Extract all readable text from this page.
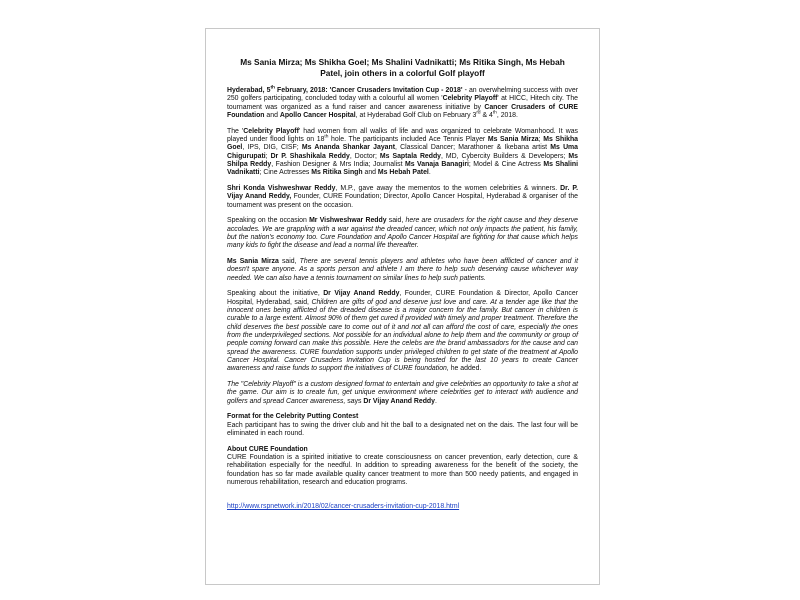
Ms Sania Mirza; Ms Shikha Goel; Ms Shalini Vadnikatti; Ms Ritika Singh, Ms Hebah Patel, join others in a colorful Golf playoff

Hyderabad, 5th February, 2018: 'Cancer Crusaders Invitation Cup - 2018' - an overwhelming success with over 250 golfers participating, concluded today with a colourful all women 'Celebrity Playoff' at HICC, Hitech city. The tournament was organized as a fund raiser and cancer awareness initiative by Cancer Crusaders of CURE Foundation and Apollo Cancer Hospital, at Hyderabad Golf Club on February 3rd & 4th, 2018.

The 'Celebrity Playoff' had women from all walks of life and was organized to celebrate Womanhood. It was played under flood lights on 18th hole. The participants included Ace Tennis Player Ms Sania Mirza; Ms Shikha Goel, IPS, DIG, CISF; Ms Ananda Shankar Jayant, Classical Dancer; Marathoner & Ikebana artist Ms Uma Chigurupati; Dr P. Shashikala Reddy, Doctor; Ms Saptala Reddy, MD, Cybercity Builders & Developers; Ms Shilpa Reddy, Fashion Designer & Mrs India; Journalist Ms Vanaja Banagiri; Model & Cine Actress Ms Shalini Vadnikatti; Cine Actresses Ms Ritika Singh and Ms Hebah Patel.

Shri Konda Vishweshwar Reddy, M.P., gave away the mementos to the women celebrities & winners. Dr. P. Vijay Anand Reddy, Founder, CURE Foundation; Director, Apollo Cancer Hospital, Hyderabad & organiser of the tournament was present on the occasion.

Speaking on the occasion Mr Vishweshwar Reddy said, here are crusaders for the right cause and they deserve accolades. We are grappling with a war against the dreaded cancer, which not only impacts the patient, his family, but the nation's economy too. Cure Foundation and Apollo Cancer Hospital are fighting for that cause which helps many kids to fight the disease and lead a normal life thereafter.

Ms Sania Mirza said, There are several tennis players and athletes who have been afflicted of cancer and it doesn't spare anyone. As a sports person and athlete I am there to help such deserving cause whichever way needed. We can also have a tennis tournament on similar lines to help such patients.

Speaking about the initiative, Dr Vijay Anand Reddy, Founder, CURE Foundation & Director, Apollo Cancer Hospital, Hyderabad, said, Children are gifts of god and deserve just love and care. At a tender age like that the innocent ones being afflicted of the dreaded disease is a major concern for the family. But cancer in children is curable to a large extent. Almost 90% of them get cured if provided with timely and proper treatment. Therefore the child deserves the best possible care to come out of it and not all can afford the cost of care, especially the ones from the underprivileged sections. Not possible for an individual alone to help them and the community or group of people coming forward can make this possible. Here the celebs are the brand ambassadors for the cause and can spread the awareness. CURE foundation supports under privileged children to get state of the treatment at Apollo Cancer Hospital. Cancer Crusaders Invitation Cup is being hosted for the last 10 years to create Cancer awareness and raise funds to support the initiatives of CURE foundation, he added.

The "Celebrity Playoff" is a custom designed format to entertain and give celebrities an opportunity to take a shot at the game. Our aim is to create fun, get unique environment where celebrities get to interact with audience and golfers and spread Cancer awareness, says Dr Vijay Anand Reddy.

Format for the Celebrity Putting Contest

Each participant has to swing the driver club and hit the ball to a designated net on the dais. The last four will be eliminated in each round.

About CURE Foundation

CURE Foundation is a spirited initiative to create consciousness on cancer prevention, early detection, cure & rehabilitation especially for the needful. In addition to spreading awareness for the benefit of the society, the foundation has so far made available quality cancer treatment to more than 500 needy patients, and engaged in numerous rehabilitation, research and education programs.

http://www.rspnetwork.in/2018/02/cancer-crusaders-invitation-cup-2018.html
